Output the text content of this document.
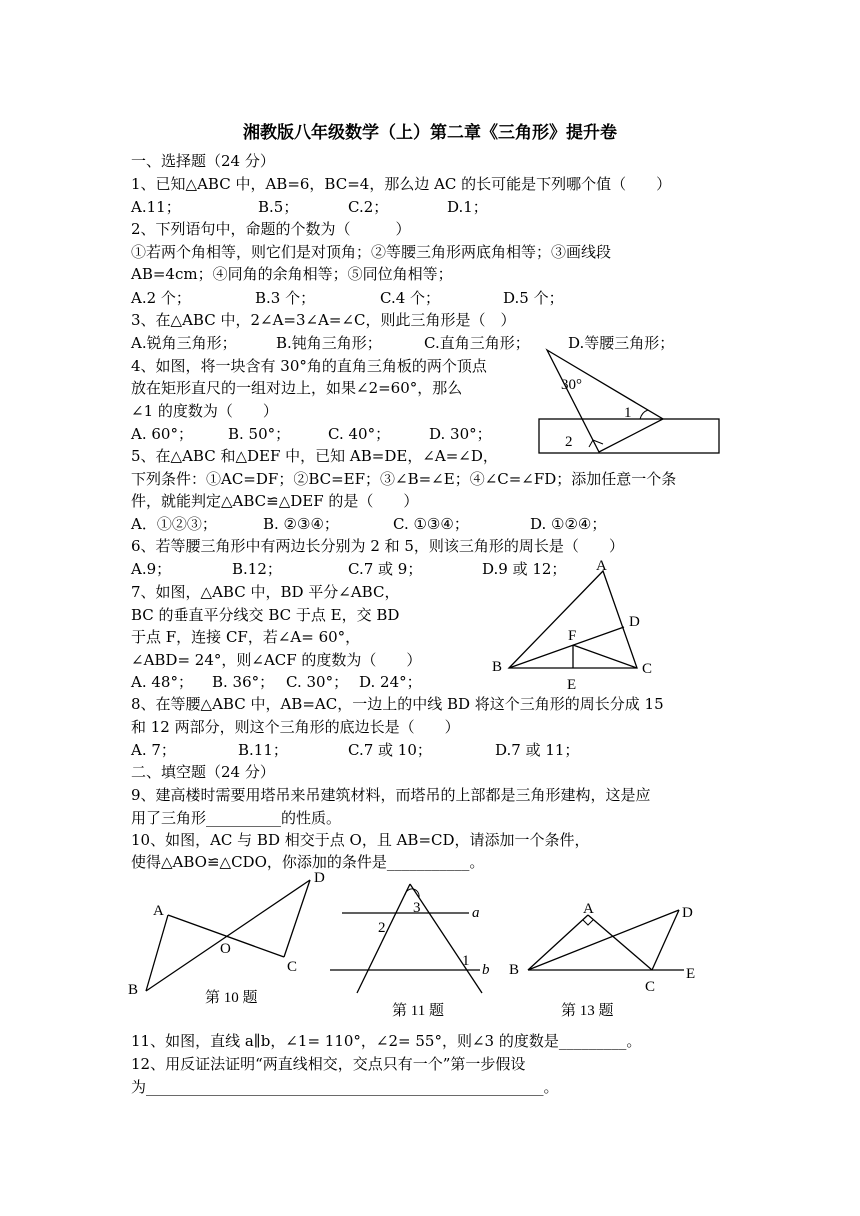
湘教版八年级数学（上）第二章《三角形》提升卷
一、选择题（24 分）
1、已知△ABC 中，AB=6，BC=4，那么边 AC 的长可能是下列哪个值（　　）
A.11；	B.5；	C.2；	D.1；
2、下列语句中，命题的个数为（　　　）
①若两个角相等，则它们是对顶角；②等腰三角形两底角相等；③画线段
AB=4cm；④同角的余角相等；⑤同位角相等；
A.2 个；	B.3 个；	C.4 个；	D.5 个；
3、在△ABC 中，2∠A=3∠A=∠C，则此三角形是（　）
A.锐角三角形；	B.钝角三角形；	C.直角三角形；	D.等腰三角形；
4、如图，将一块含有 30°角的直角三角板的两个顶点
放在矩形直尺的一组对边上，如果∠2=60°，那么
∠1 的度数为（　　）
A. 60°； B. 50°；	C. 40°；	D. 30°；
30°
1
2
5、在△ABC 和△DEF 中，已知 AB=DE，∠A=∠D，
下列条件：①AC=DF；②BC=EF；③∠B=∠E；④∠C=∠FD；添加任意一个条
件，就能判定△ABC≌△DEF 的是（　　）
A．①②③；	B. ②③④；	C. ①③④；	D. ①②④；
6、若等腰三角形中有两边长分别为 2 和 5，则该三角形的周长是（　　）
A.9；	B.12；	C.7 或 9；	D.9 或 12；
7、如图，△ABC 中，BD 平分∠ABC，
BC 的垂直平分线交 BC 于点 E，交 BD
于点 F，连接 CF，若∠A= 60°，
∠ABD= 24°，则∠ACF 的度数为（　　）
A. 48°； B. 36°； C. 30°； D. 24°；
A
B	C
D
E
F
8、在等腰△ABC 中，AB=AC，一边上的中线 BD 将这个三角形的周长分成 15
和 12 两部分，则这个三角形的底边长是（　　）
A. 7；	B.11；	C.7 或 10；	D.7 或 11；
二、填空题（24 分）
9、建高楼时需要用塔吊来吊建筑材料，而塔吊的上部都是三角形建构，这是应
用了三角形__________的性质。
10、如图，AC 与 BD 相交于点 O，且 AB=CD，请添加一个条件，
使得△ABO≌△CDO，你添加的条件是___________。
A
B
C
D
O
第 10 题
a
b
3
2
1
第 11 题
A
B
C
D
E
第 13 题
11、如图，直线 a∥b，∠1= 110°，∠2= 55°，则∠3 的度数是_________。
12、用反证法证明“两直线相交，交点只有一个”第一步假设
为_____________________________________________________。
